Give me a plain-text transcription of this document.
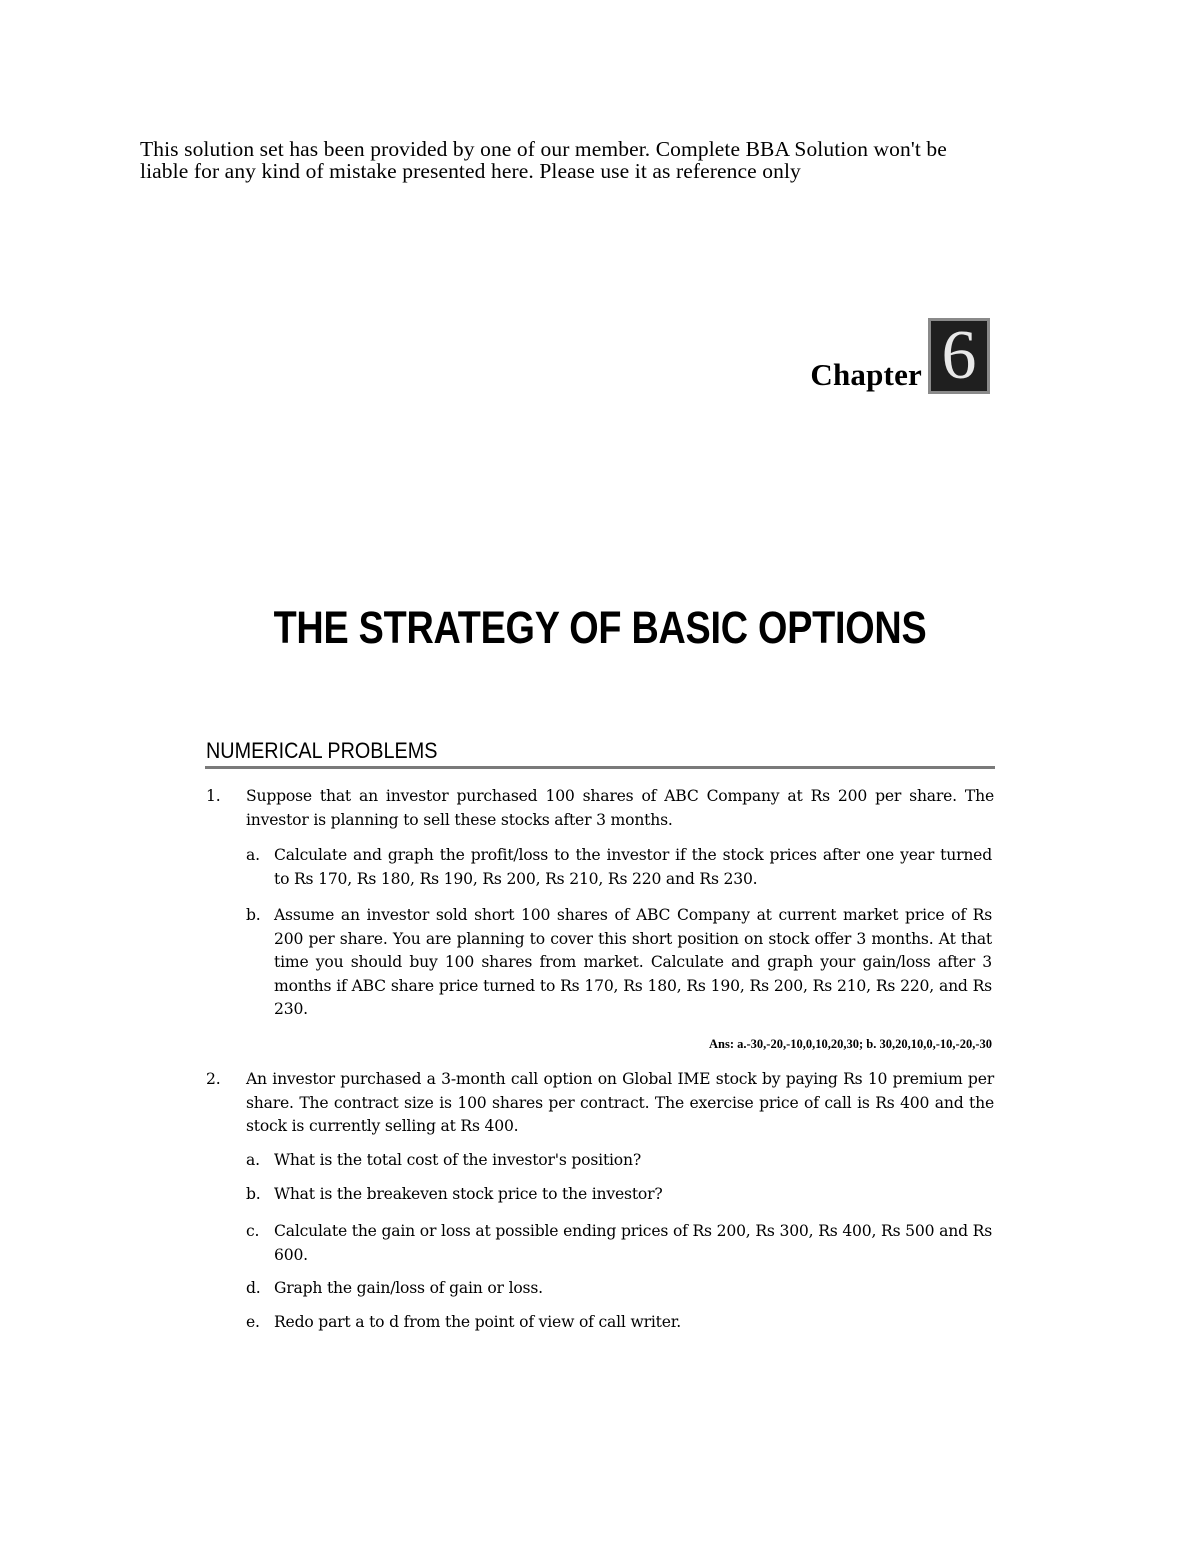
This solution set has been provided by one of our member. Complete BBA Solution won't be
liable for any kind of mistake presented here. Please use it as reference only
Chapter 6
THE STRATEGY OF BASIC OPTIONS
NUMERICAL PROBLEMS
1. Suppose that an investor purchased 100 shares of ABC Company at Rs 200 per share. The investor is planning to sell these stocks after 3 months.
a. Calculate and graph the profit/loss to the investor if the stock prices after one year turned to Rs 170, Rs 180, Rs 190, Rs 200, Rs 210, Rs 220 and Rs 230.
b. Assume an investor sold short 100 shares of ABC Company at current market price of Rs 200 per share. You are planning to cover this short position on stock offer 3 months. At that time you should buy 100 shares from market. Calculate and graph your gain/loss after 3 months if ABC share price turned to Rs 170, Rs 180, Rs 190, Rs 200, Rs 210, Rs 220, and Rs 230.
Ans: a.-30,-20,-10,0,10,20,30; b. 30,20,10,0,-10,-20,-30
2. An investor purchased a 3-month call option on Global IME stock by paying Rs 10 premium per share. The contract size is 100 shares per contract. The exercise price of call is Rs 400 and the stock is currently selling at Rs 400.
a. What is the total cost of the investor's position?
b. What is the breakeven stock price to the investor?
c. Calculate the gain or loss at possible ending prices of Rs 200, Rs 300, Rs 400, Rs 500 and Rs 600.
d. Graph the gain/loss of gain or loss.
e. Redo part a to d from the point of view of call writer.
